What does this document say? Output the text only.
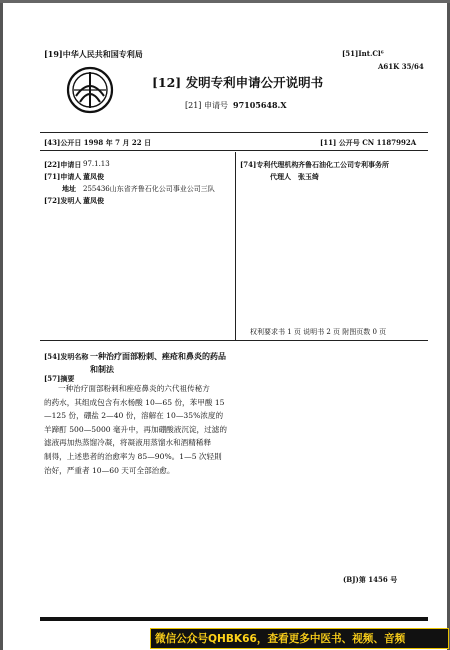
[19]中华人民共和国专利局	[51]Int.Cl⁶
A61K 35/64
[12] 发明专利申请公开说明书
[21] 申请号 97105648.X
[43]公开日 1998 年 7 月 22 日	[11] 公开号 CN 1187992A
[22]申请日 97.1.13
[71]申请人 董凤俊
地址 255436山东省齐鲁石化公司事业公司三队
[72]发明人 董凤俊
[74]专利代理机构 齐鲁石油化工公司专利事务所
代理人 张玉绮
权利要求书 1 页 说明书 2 页 附图页数 0 页
[54]发明名称 一种治疗面部粉刺、痤疮和鼻炎的药品
和制法
[57]摘要
一种治疗面部粉刺和痤疮鼻炎的六代祖传秘方
的药水，其组成包含有水杨酸 10—65 份，苯甲酸 15
—125 份，硼盐 2—40 份，溶解在 10—35%浓度的
羊蹄酊 500—5000 毫升中，再加硼酸液沉淀，过滤的
滤液再加热蒸馏冷凝，将凝液用蒸馏水和酒精稀释
制得，上述患者的治愈率为 85—90%。1—5 次轻則
治好，严重者 10—60 天可全部治愈。
(BJ)第 1456 号
微信公众号QHBK66，查看更多中医书、视频、音频
